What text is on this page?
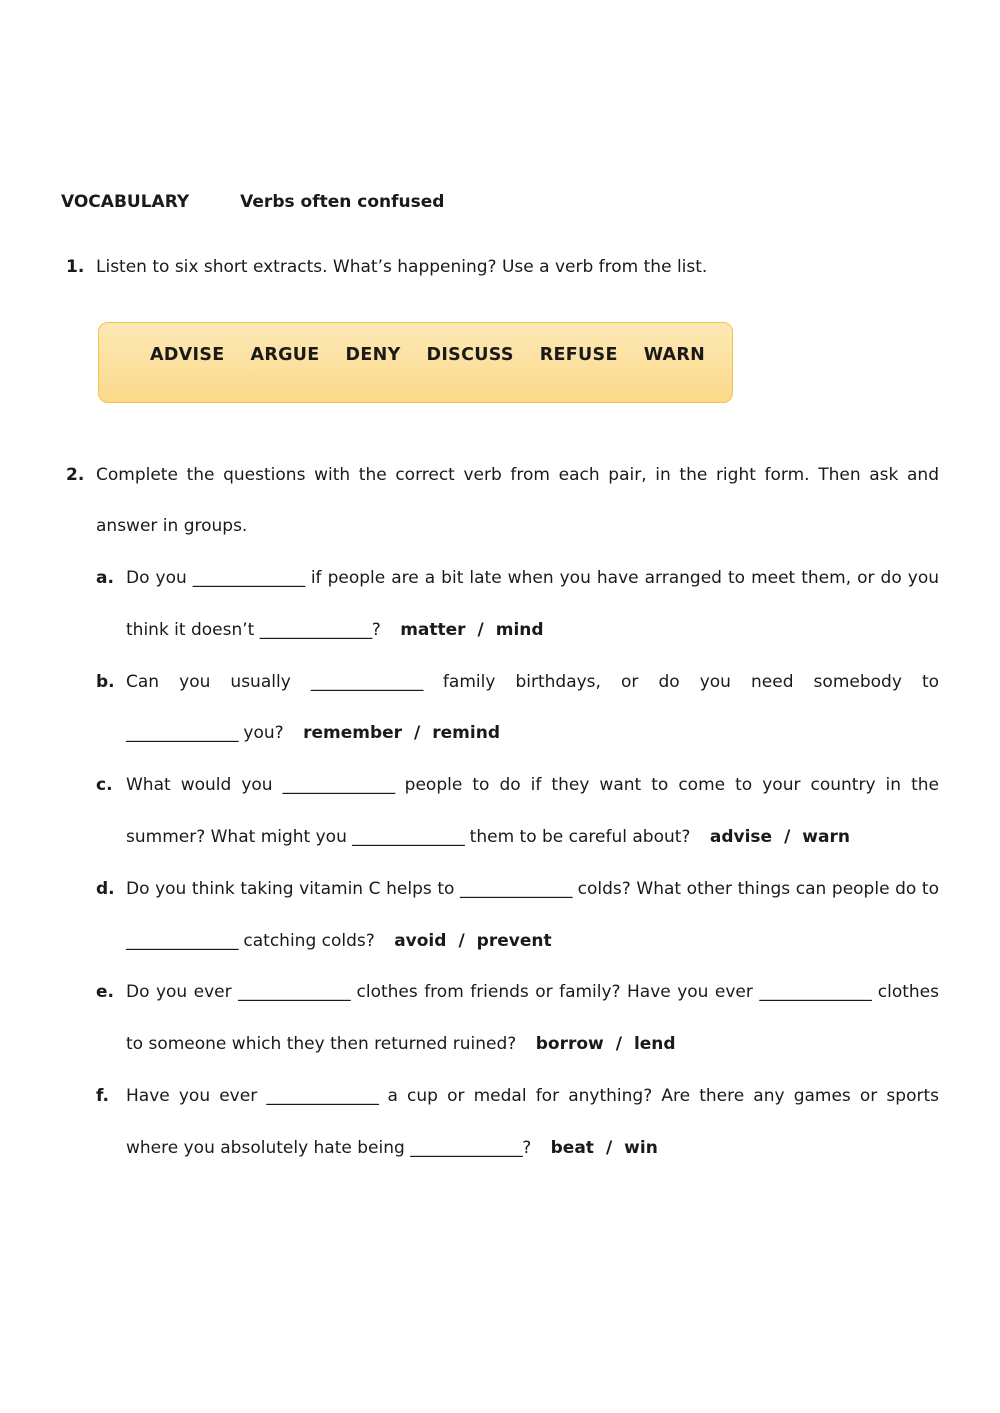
VOCABULARY	Verbs often confused
1. Listen to six short extracts. What’s happening? Use a verb from the list.
ADVISE ARGUE DENY DISCUSS REFUSE WARN
2. Complete the questions with the correct verb from each pair, in the right form. Then ask and answer in groups.
a. Do you ______________ if people are a bit late when you have arranged to meet them, or do you think it doesn’t ______________? matter / mind
b. Can you usually ______________ family birthdays, or do you need somebody to ______________ you? remember / remind
c. What would you ______________ people to do if they want to come to your country in the summer? What might you ______________ them to be careful about? advise / warn
d. Do you think taking vitamin C helps to ______________ colds? What other things can people do to ______________ catching colds? avoid / prevent
e. Do you ever ______________ clothes from friends or family? Have you ever ______________ clothes to someone which they then returned ruined? borrow / lend
f.	Have you ever ______________ a cup or medal for anything? Are there any games or sports where you absolutely hate being ______________? beat / win
